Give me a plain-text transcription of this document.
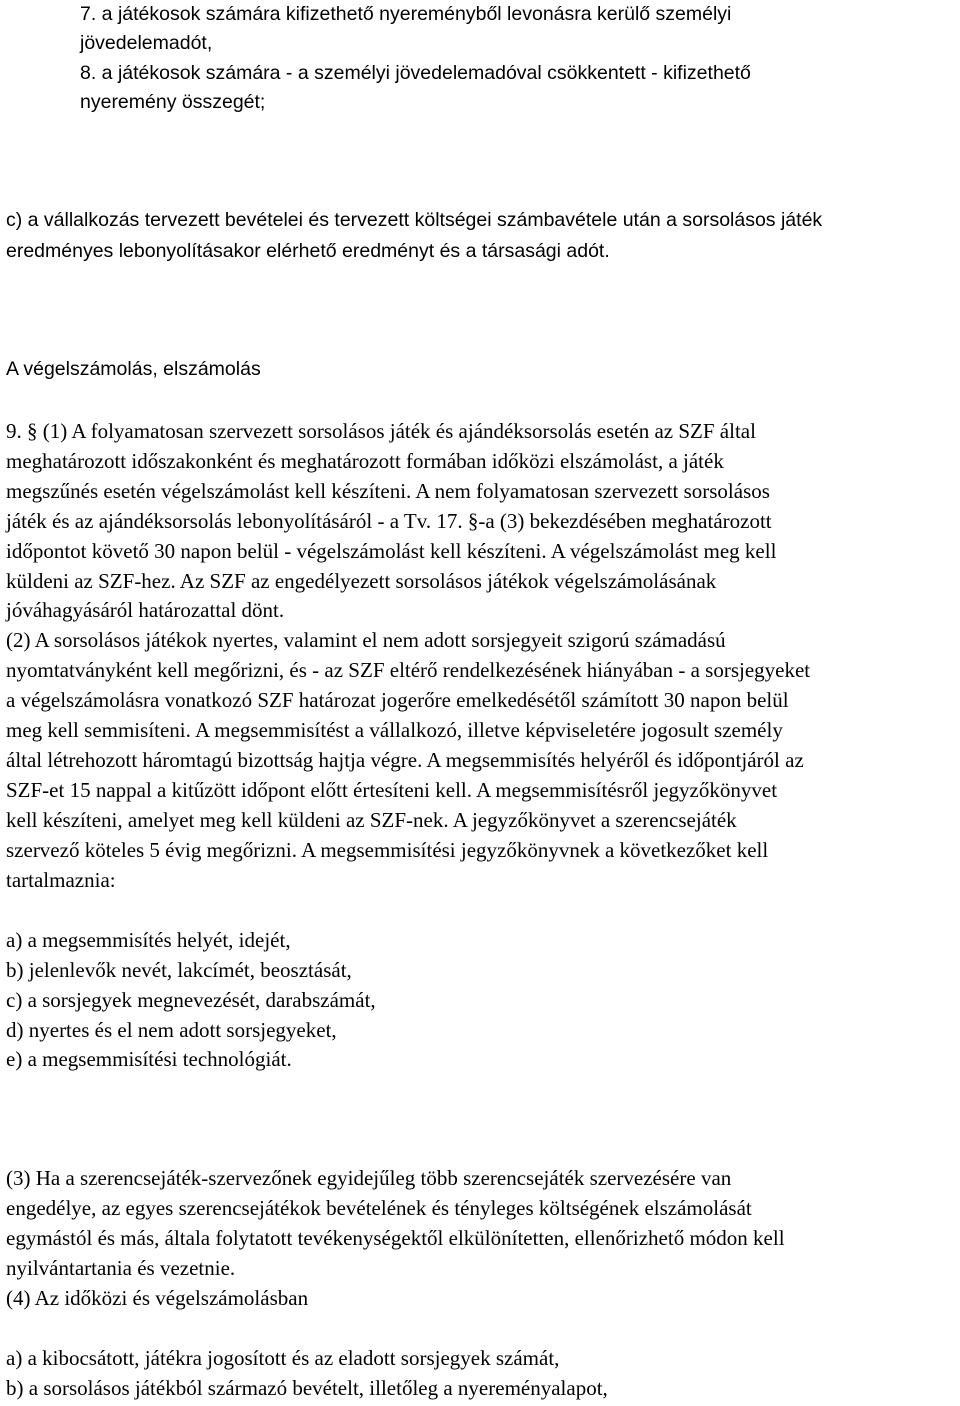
7. a játékosok számára kifizethető nyereményből levonásra kerülő személyi
jövedelemadót,
8. a játékosok számára - a személyi jövedelemadóval csökkentett - kifizethető
nyeremény összegét;
c) a vállalkozás tervezett bevételei és tervezett költségei számbavétele után a sorsolásos játék
eredményes lebonyolításakor elérhető eredményt és a társasági adót.
A végelszámolás, elszámolás
9. § (1) A folyamatosan szervezett sorsolásos játék és ajándéksorsolás esetén az SZF által
meghatározott időszakonként és meghatározott formában időközi elszámolást, a játék
megszűnés esetén végelszámolást kell készíteni. A nem folyamatosan szervezett sorsolásos
játék és az ajándéksorsolás lebonyolításáról - a Tv. 17. §-a (3) bekezdésében meghatározott
időpontot követő 30 napon belül - végelszámolást kell készíteni. A végelszámolást meg kell
küldeni az SZF-hez. Az SZF az engedélyezett sorsolásos játékok végelszámolásának
jóváhagyásáról határozattal dönt.
(2) A sorsolásos játékok nyertes, valamint el nem adott sorsjegyeit szigorú számadású
nyomtatványként kell megőrizni, és - az SZF eltérő rendelkezésének hiányában - a sorsjegyeket
a végelszámolásra vonatkozó SZF határozat jogerőre emelkedésétől számított 30 napon belül
meg kell semmisíteni. A megsemmisítést a vállalkozó, illetve képviseletére jogosult személy
által létrehozott háromtagú bizottság hajtja végre. A megsemmisítés helyéről és időpontjáról az
SZF-et 15 nappal a kitűzött időpont előtt értesíteni kell. A megsemmisítésről jegyzőkönyvet
kell készíteni, amelyet meg kell küldeni az SZF-nek. A jegyzőkönyvet a szerencsejáték
szervező köteles 5 évig megőrizni. A megsemmisítési jegyzőkönyvnek a következőket kell
tartalmaznia:
a) a megsemmisítés helyét, idejét,
b) jelenlevők nevét, lakcímét, beosztását,
c) a sorsjegyek megnevezését, darabszámát,
d) nyertes és el nem adott sorsjegyeket,
e) a megsemmisítési technológiát.
(3) Ha a szerencsejáték-szervezőnek egyidejűleg több szerencsejáték szervezésére van
engedélye, az egyes szerencsejátékok bevételének és tényleges költségének elszámolását
egymástól és más, általa folytatott tevékenységektől elkülönítetten, ellenőrizhető módon kell
nyilvántartania és vezetnie.
(4) Az időközi és végelszámolásban
a) a kibocsátott, játékra jogosított és az eladott sorsjegyek számát,
b) a sorsolásos játékból származó bevételt, illetőleg a nyereményalapot,
